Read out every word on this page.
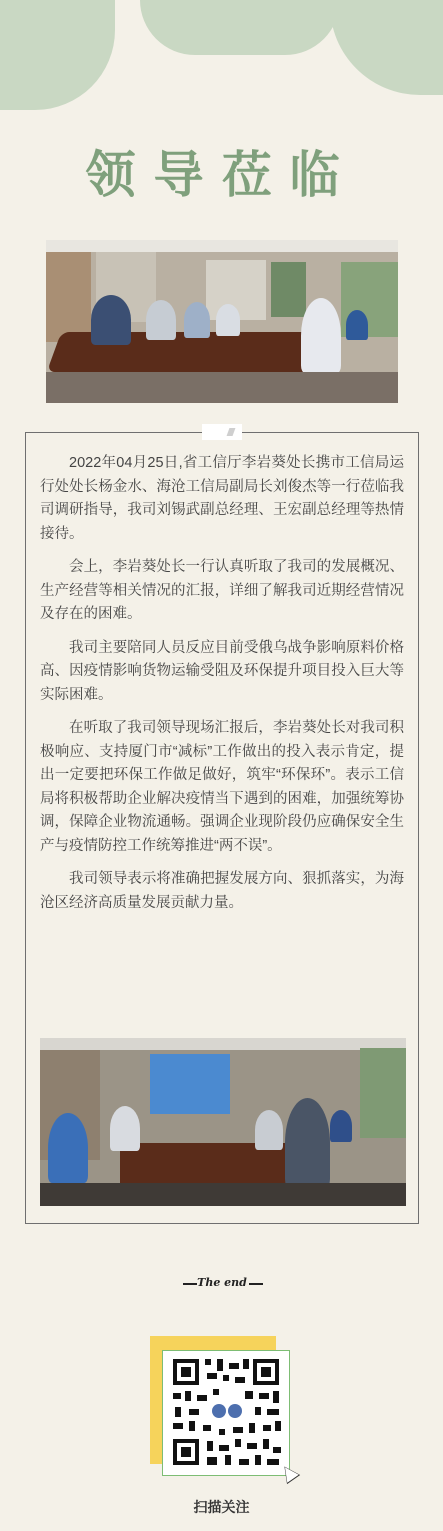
领导莅临

2022年04月25日,省工信厅李岩葵处长携市工信局运行处处长杨金水、海沧工信局副局长刘俊杰等一行莅临我司调研指导，我司刘锡武副总经理、王宏副总经理等热情接待。

会上，李岩葵处长一行认真听取了我司的发展概况、生产经营等相关情况的汇报，详细了解我司近期经营情况及存在的困难。

我司主要陪同人员反应目前受俄乌战争影响原料价格高、因疫情影响货物运输受阻及环保提升项目投入巨大等实际困难。

在听取了我司领导现场汇报后，李岩葵处长对我司积极响应、支持厦门市“减标”工作做出的投入表示肯定，提出一定要把环保工作做足做好，筑牢“环保环”。表示工信局将积极帮助企业解决疫情当下遇到的困难，加强统筹协调，保障企业物流通畅。强调企业现阶段仍应确保安全生产与疫情防控工作统筹推进“两不误”。

我司领导表示将准确把握发展方向、狠抓落实，为海沧区经济高质量发展贡献力量。

The end
扫描关注
